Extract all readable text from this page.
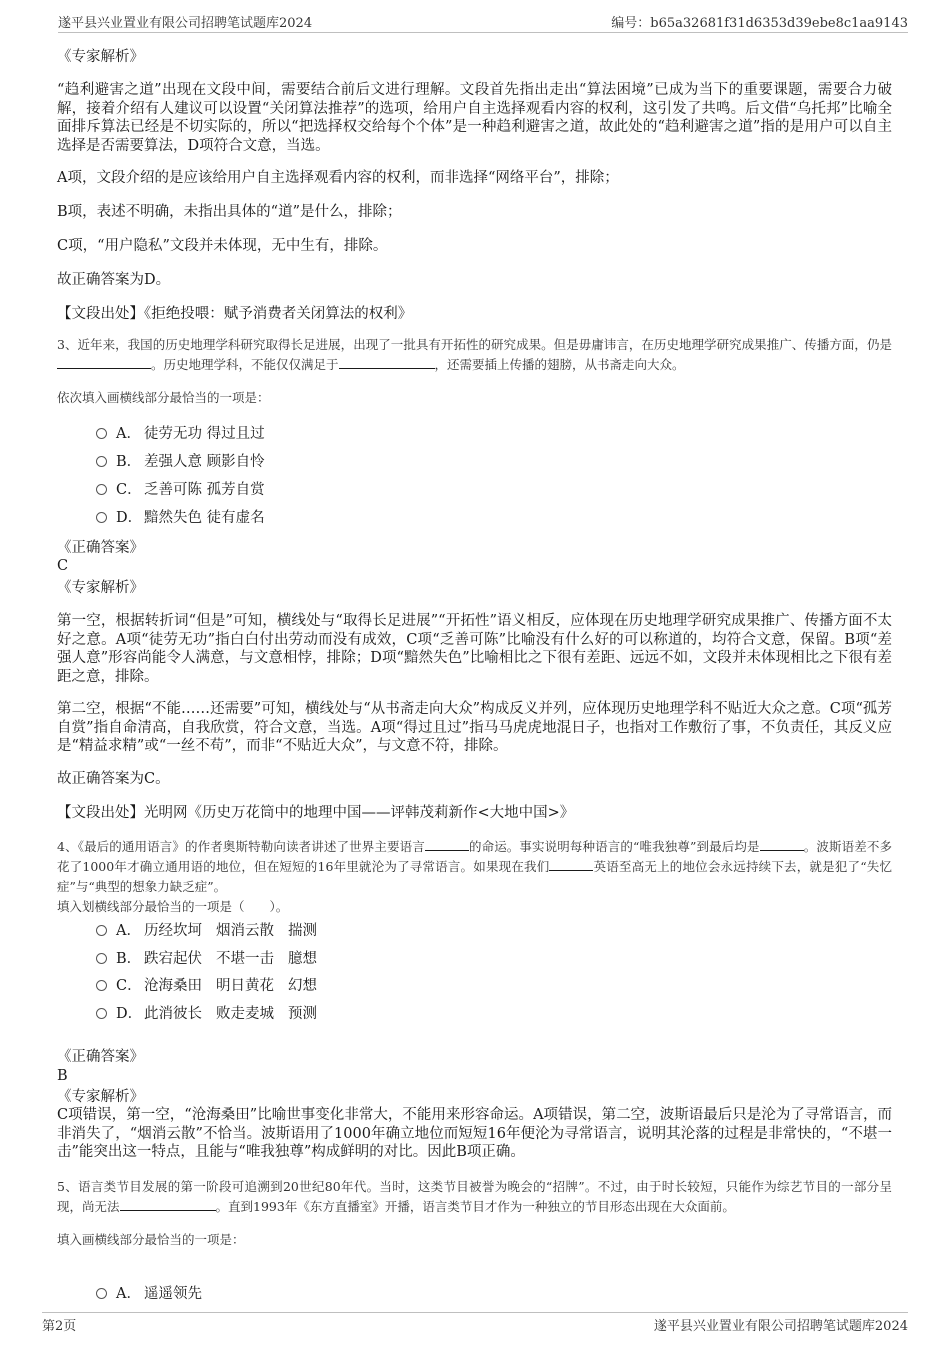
遂平县兴业置业有限公司招聘笔试题库2024	编号：b65a32681f31d6353d39ebe8c1aa9143

《专家解析》

“趋利避害之道”出现在文段中间，需要结合前后文进行理解。文段首先指出走出“算法困境”已成为当下的重要课题，需要合力破解，接着介绍有人建议可以设置“关闭算法推荐”的选项，给用户自主选择观看内容的权利，这引发了共鸣。后文借“乌托邦”比喻全面排斥算法已经是不切实际的，所以“把选择权交给每个个体”是一种趋利避害之道，故此处的“趋利避害之道”指的是用户可以自主选择是否需要算法，D项符合文意，当选。

A项，文段介绍的是应该给用户自主选择观看内容的权利，而非选择“网络平台”，排除；

B项，表述不明确，未指出具体的“道”是什么，排除；

C项，“用户隐私”文段并未体现，无中生有，排除。

故正确答案为D。

【文段出处】《拒绝投喂：赋予消费者关闭算法的权利》

3、近年来，我国的历史地理学科研究取得长足进展，出现了一批具有开拓性的研究成果。但是毋庸讳言，在历史地理学研究成果推广、传播方面，仍是。历史地理学科，不能仅仅满足于	，还需要插上传播的翅膀，从书斋走向大众。

依次填入画横线部分最恰当的一项是：

A． 徒劳无功 得过且过
B． 差强人意 顾影自怜
C． 乏善可陈 孤芳自赏
D． 黯然失色 徒有虚名

《正确答案》

C

《专家解析》

第一空，根据转折词“但是”可知，横线处与“取得长足进展”“开拓性”语义相反，应体现在历史地理学研究成果推广、传播方面不太好之意。A项“徒劳无功”指白白付出劳动而没有成效，C项“乏善可陈”比喻没有什么好的可以称道的，均符合文意，保留。B项“差强人意”形容尚能令人满意，与文意相悖，排除；D项“黯然失色”比喻相比之下很有差距、远远不如，文段并未体现相比之下很有差距之意，排除。

第二空，根据“不能……还需要”可知，横线处与“从书斋走向大众”构成反义并列，应体现历史地理学科不贴近大众之意。C项“孤芳自赏”指自命清高，自我欣赏，符合文意，当选。A项“得过且过”指马马虎虎地混日子，也指对工作敷衍了事，不负责任，其反义应是“精益求精”或“一丝不苟”，而非“不贴近大众”，与文意不符，排除。

故正确答案为C。

【文段出处】光明网《历史万花筒中的地理中国——评韩茂莉新作<大地中国>》

4、《最后的通用语言》的作者奥斯特勒向读者讲述了世界主要语言	的命运。事实说明每种语言的“唯我独尊”到最后均是	。波斯语差不多花了1000年才确立通用语的地位，但在短短的16年里就沦为了寻常语言。如果现在我们	英语至高无上的地位会永远持续下去，就是犯了“失忆症”与“典型的想象力缺乏症”。

填入划横线部分最恰当的一项是（　　）。

A． 历经坎坷 烟消云散 揣测
B． 跌宕起伏 不堪一击 臆想
C． 沧海桑田 明日黄花 幻想
D． 此消彼长 败走麦城 预测

《正确答案》

B

《专家解析》

C项错误，第一空，“沧海桑田”比喻世事变化非常大，不能用来形容命运。A项错误，第二空，波斯语最后只是沦为了寻常语言，而非消失了，“烟消云散”不恰当。波斯语用了1000年确立地位而短短16年便沦为寻常语言，说明其沦落的过程是非常快的，“不堪一击”能突出这一特点，且能与“唯我独尊”构成鲜明的对比。因此B项正确。

5、语言类节目发展的第一阶段可追溯到20世纪80年代。当时，这类节目被誉为晚会的“招牌”。不过，由于时长较短，只能作为综艺节目的一部分呈现，尚无法	。直到1993年《东方直播室》开播，语言类节目才作为一种独立的节目形态出现在大众面前。

填入画横线部分最恰当的一项是：

A． 遥遥领先
第2页	遂平县兴业置业有限公司招聘笔试题库2024
